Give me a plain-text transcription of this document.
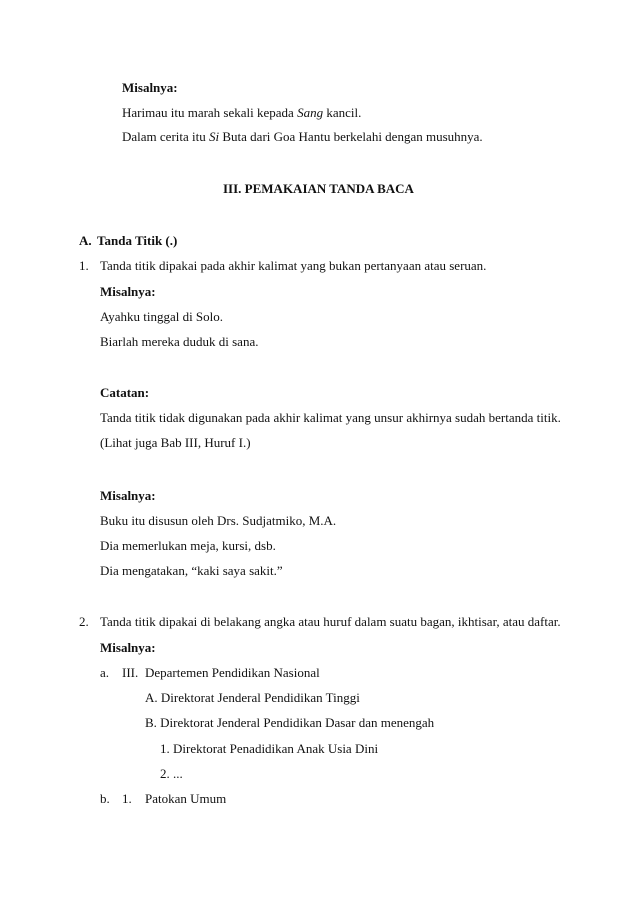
Misalnya:
Harimau itu marah sekali kepada Sang kancil.
Dalam cerita itu Si Buta dari Goa Hantu berkelahi dengan musuhnya.
III. PEMAKAIAN TANDA BACA
A. Tanda Titik (.)
1. Tanda titik dipakai pada akhir kalimat yang bukan pertanyaan atau seruan.
Misalnya:
Ayahku tinggal di Solo.
Biarlah mereka duduk di sana.
Catatan:
Tanda titik tidak digunakan pada akhir kalimat yang unsur akhirnya sudah bertanda titik.
(Lihat juga Bab III, Huruf I.)
Misalnya:
Buku itu disusun oleh Drs. Sudjatmiko, M.A.
Dia memerlukan meja, kursi, dsb.
Dia mengatakan, “kaki saya sakit.”
2. Tanda titik dipakai di belakang angka atau huruf dalam suatu bagan, ikhtisar, atau daftar.
Misalnya:
a. III. Departemen Pendidikan Nasional
A. Direktorat Jenderal Pendidikan Tinggi
B. Direktorat Jenderal Pendidikan Dasar dan menengah
1. Direktorat Penadidikan Anak Usia Dini
2. ...
b. 1. Patokan Umum
